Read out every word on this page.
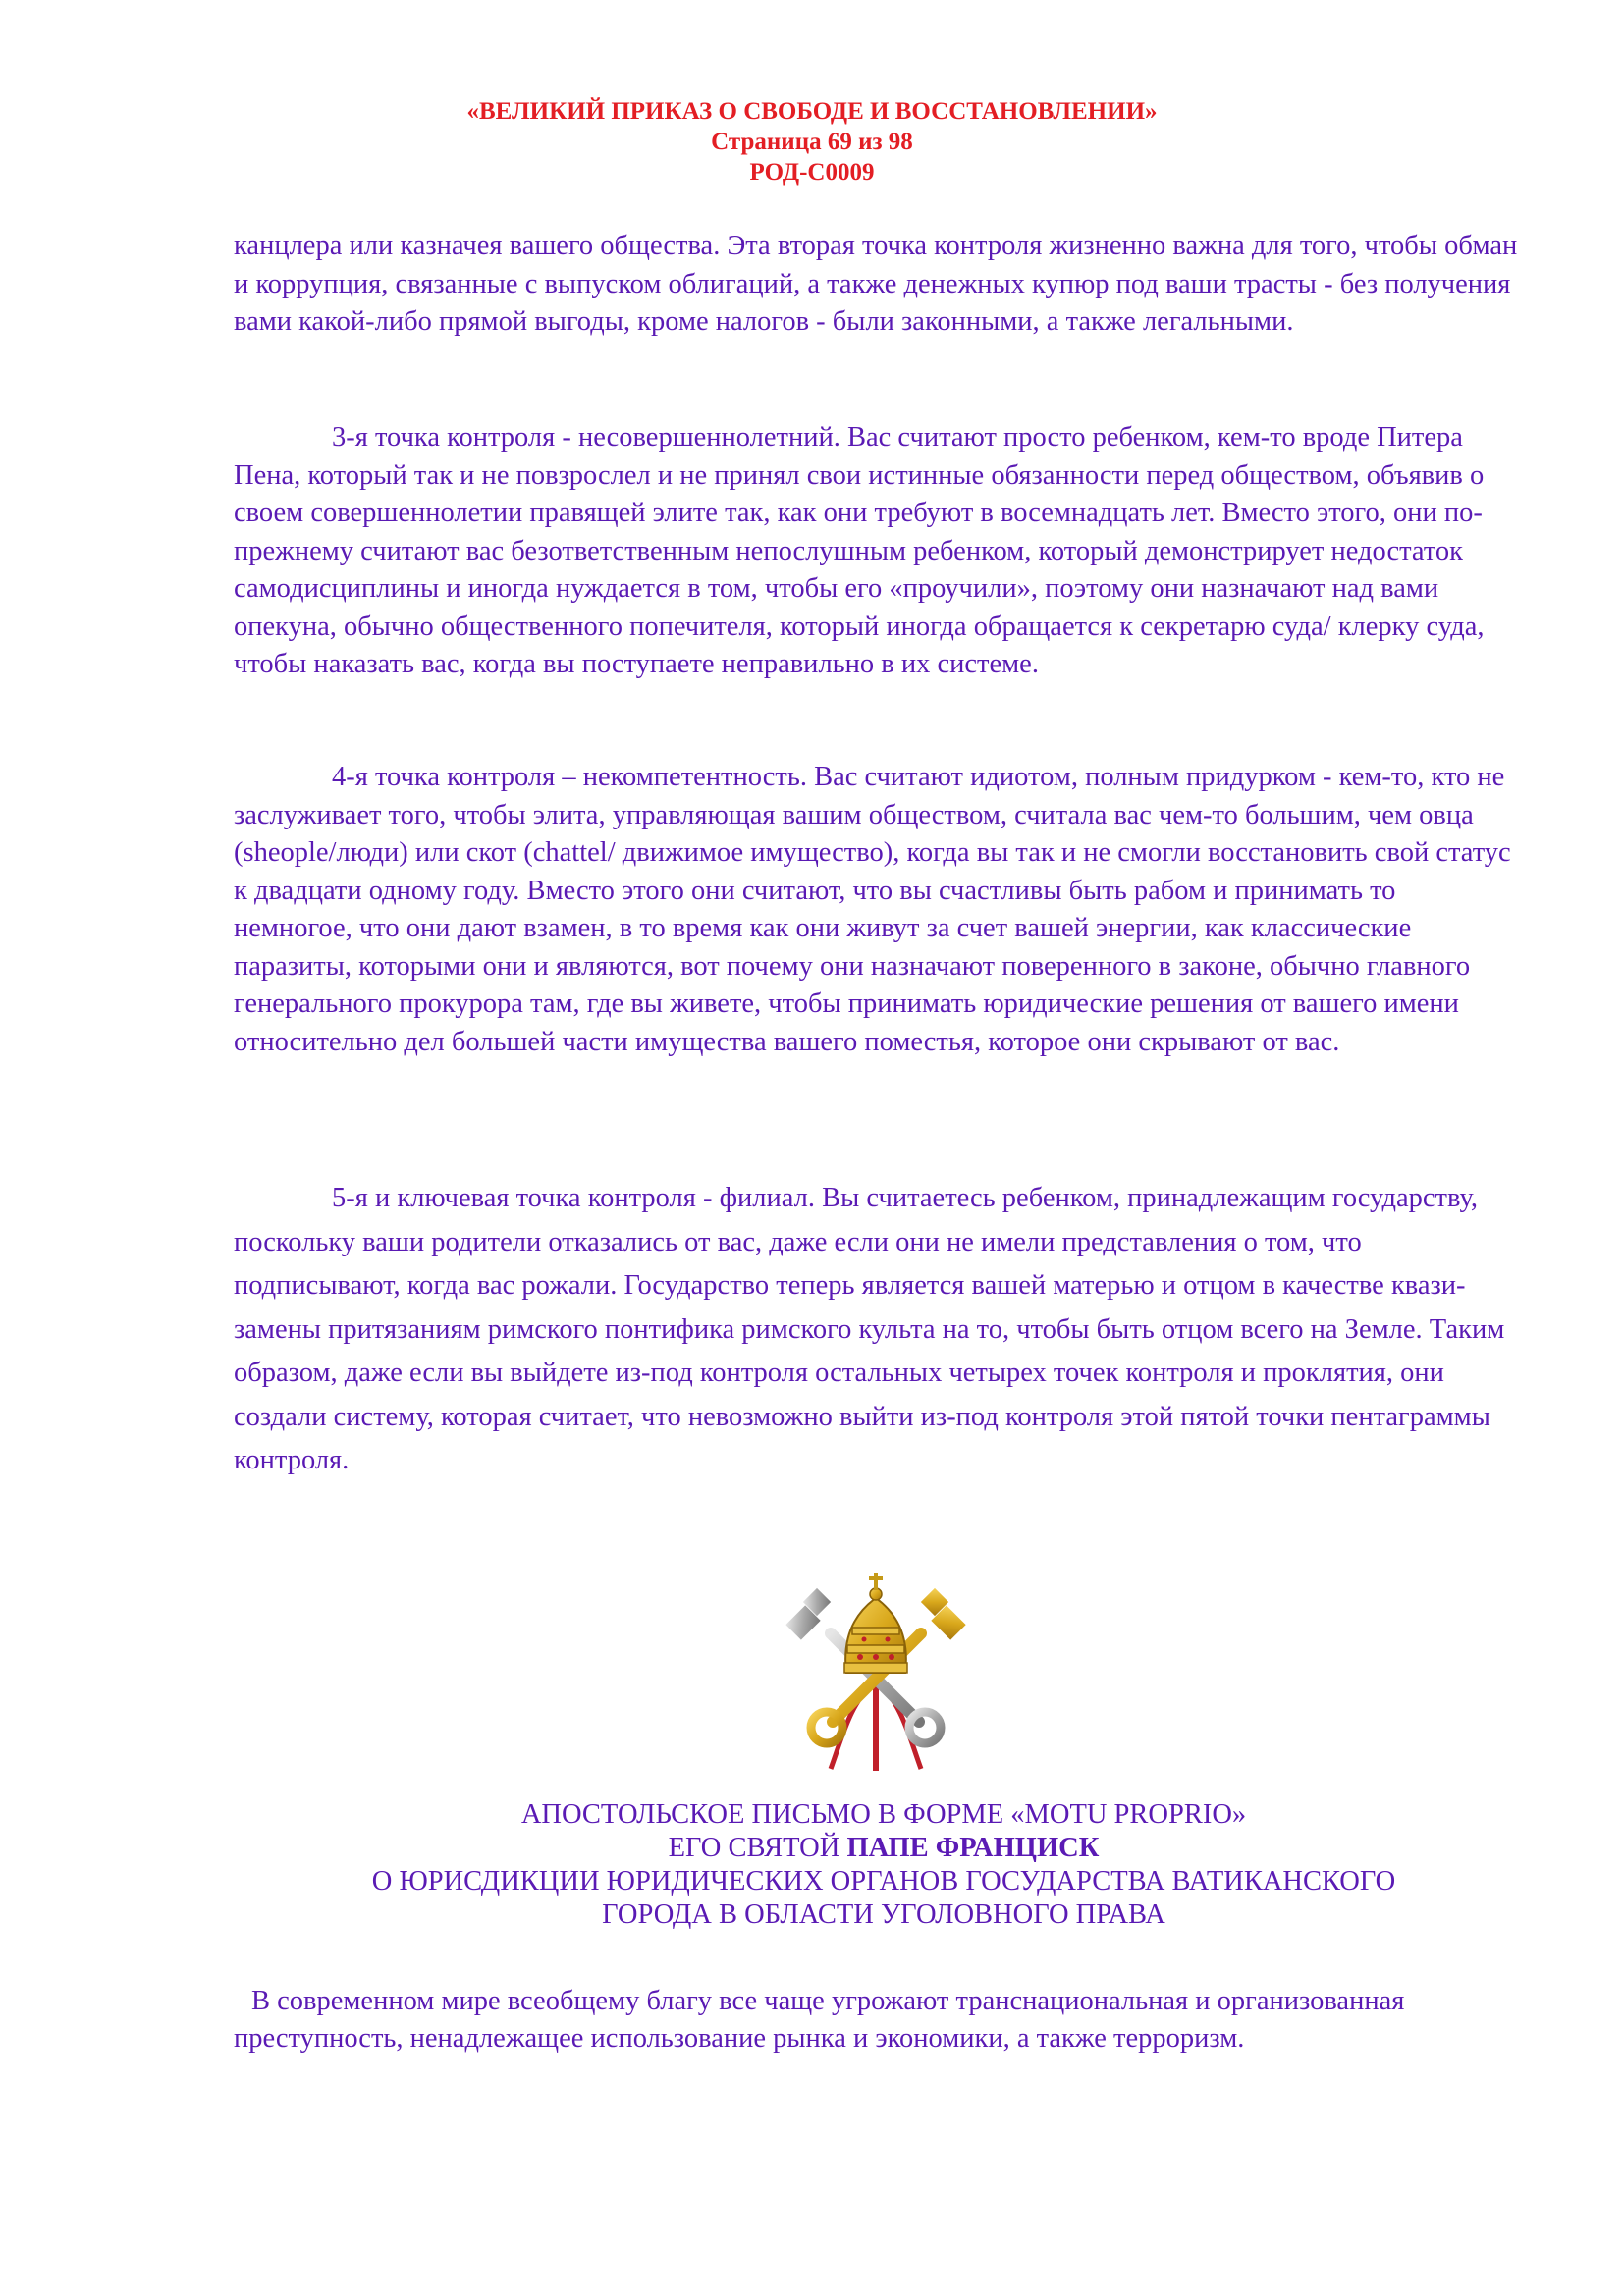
«ВЕЛИКИЙ ПРИКАЗ О СВОБОДЕ И ВОССТАНОВЛЕНИИ»
Страница 69 из 98
РОД-С0009

канцлера или казначея вашего общества. Эта вторая точка контроля жизненно важна для того, чтобы обман и коррупция, связанные с выпуском облигаций, а также денежных купюр под ваши трасты - без получения вами какой-либо прямой выгоды, кроме налогов - были законными, а также легальными.

3-я точка контроля - несовершеннолетний. Вас считают просто ребенком, кем-то вроде Питера Пена, который так и не повзрослел и не принял свои истинные обязанности перед обществом, объявив о своем совершеннолетии правящей элите так, как они требуют в восемнадцать лет. Вместо этого, они по-прежнему считают вас безответственным непослушным ребенком, который демонстрирует недостаток самодисциплины и иногда нуждается в том, чтобы его «проучили», поэтому они назначают над вами опекуна, обычно общественного попечителя, который иногда обращается к секретарю суда/ клерку суда, чтобы наказать вас, когда вы поступаете неправильно в их системе.

4-я точка контроля – некомпетентность. Вас считают идиотом, полным придурком - кем-то, кто не заслуживает того, чтобы элита, управляющая вашим обществом, считала вас чем-то большим, чем овца (sheople/люди) или скот (chattel/ движимое имущество), когда вы так и не смогли восстановить свой статус к двадцати одному году. Вместо этого они считают, что вы счастливы быть рабом и принимать то немногое, что они дают взамен, в то время как они живут за счет вашей энергии, как классические паразиты, которыми они и являются, вот почему они назначают поверенного в законе, обычно главного генерального прокурора там, где вы живете, чтобы принимать юридические решения от вашего имени относительно дел большей части имущества вашего поместья, которое они скрывают от вас.

5-я и ключевая точка контроля - филиал. Вы считаетесь ребенком, принадлежащим государству, поскольку ваши родители отказались от вас, даже если они не имели представления о том, что подписывают, когда вас рожали. Государство теперь является вашей матерью и отцом в качестве квази-замены притязаниям римского понтифика римского культа на то, чтобы быть отцом всего на Земле. Таким образом, даже если вы выйдете из-под контроля остальных четырех точек контроля и проклятия, они создали систему, которая считает, что невозможно выйти из-под контроля этой пятой точки пентаграммы контроля.

АПОСТОЛЬСКОЕ ПИСЬМО В ФОРМЕ «MOTU PROPRIO»
ЕГО СВЯТОЙ ПАПЕ ФРАНЦИСК
О ЮРИСДИКЦИИ ЮРИДИЧЕСКИХ ОРГАНОВ ГОСУДАРСТВА ВАТИКАНСКОГО
ГОРОДА В ОБЛАСТИ УГОЛОВНОГО ПРАВА

В современном мире всеобщему благу все чаще угрожают транснациональная и организованная преступность, ненадлежащее использование рынка и экономики, а также терроризм.
